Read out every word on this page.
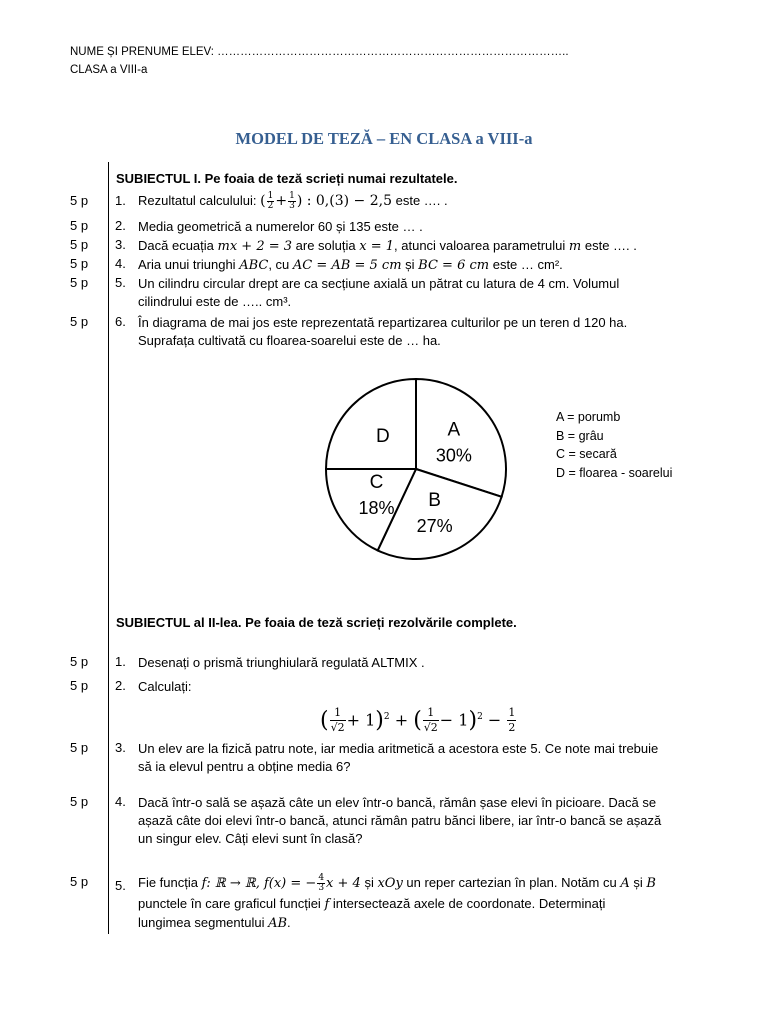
NUME ȘI PRENUME ELEV: ………………………………………………………………………………..
CLASA a VIII-a
MODEL DE TEZĂ – EN CLASA a VIII-a
SUBIECTUL I. Pe foaia de teză scrieți numai rezultatele.
5 p 1. Rezultatul calculului: ( $\frac{1}{2} + \frac{1}{3}$ ) : 0,(3) − 2,5 este …. .
5 p 2. Media geometrică a numerelor 60 și 135 este … .
5 p 3. Dacă ecuația mx + 2 = 3 are soluția x = 1, atunci valoarea parametrului m este …. .
5 p 4. Aria unui triunghi ABC, cu AC = AB = 5 cm și BC = 6 cm este … cm².
5 p 5. Un cilindru circular drept are ca secțiune axială un pătrat cu latura de 4 cm. Volumul
cilindrului este de ….. cm³.
5 p 6. În diagrama de mai jos este reprezentată repartizarea culturilor pe un teren d 120 ha.
Suprafața cultivată cu floarea-soarelui este de … ha.
A
30%
B
27%
C
18%
D
A = porumb
B = grâu
C = secară
D = floarea - soarelui
SUBIECTUL al II-lea. Pe foaia de teză scrieți rezolvările complete.
5 p 1. Desenați o prismă triunghiulară regulată ALTMIX .
5 p 2. Calculați:
( $\frac{1}{√2} + 1)^2$ + ( $\frac{1}{√2} - 1)^2 - \frac{1}{2}$
5 p 3. Un elev are la fizică patru note, iar media aritmetică a acestora este 5. Ce note mai trebuie
să ia elevul pentru a obține media 6?
5 p 4. Dacă într-o sală se așază câte un elev într-o bancă, rămân șase elevi în picioare. Dacă se
așază câte doi elevi într-o bancă, atunci rămân patru bănci libere, iar într-o bancă se așază
un singur elev. Câți elevi sunt în clasă?
5 p 5. Fie funcția f: ℝ → ℝ, f(x) = − $\frac{4}{3}$ x + 4 și xOy un reper cartezian în plan. Notăm cu A și B
punctele în care graficul funcției f intersectează axele de coordonate. Determinați
lungimea segmentului AB.
